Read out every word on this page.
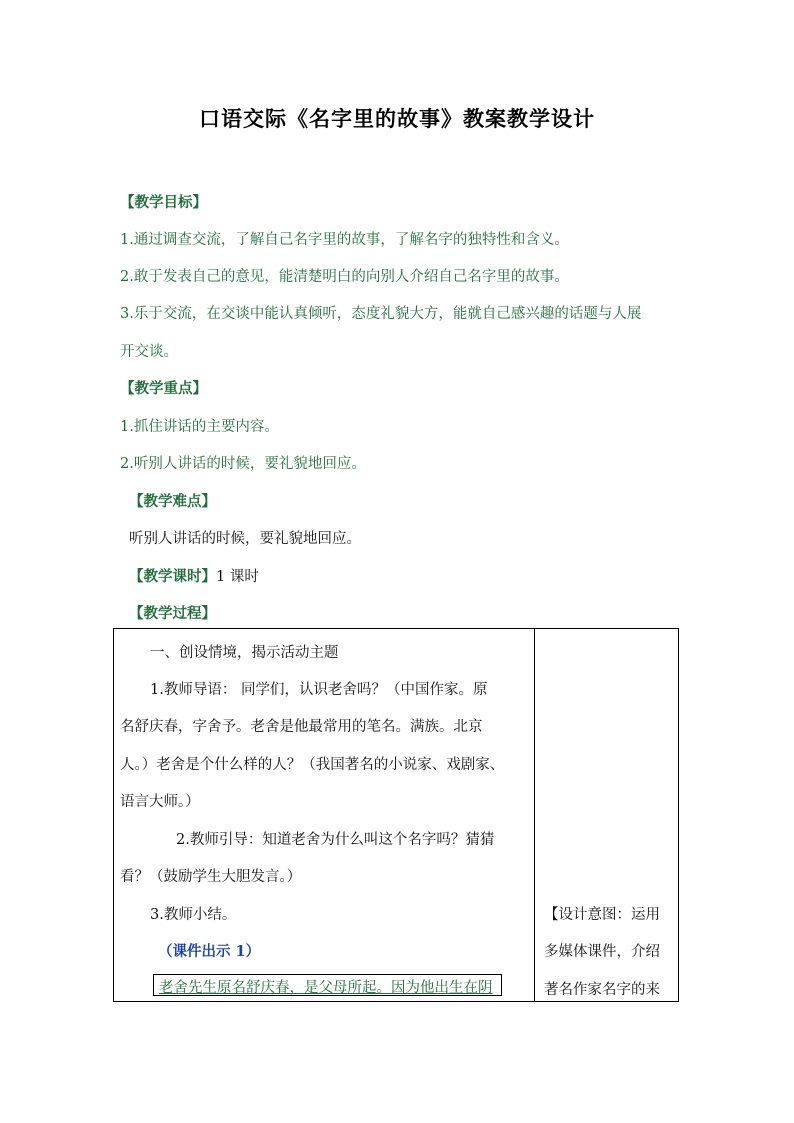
口语交际《名字里的故事》教案教学设计
【教学目标】
1.通过调查交流，了解自己名字里的故事，了解名字的独特性和含义。
2.敢于发表自己的意见，能清楚明白的向别人介绍自己名字里的故事。
3.乐于交流，在交谈中能认真倾听，态度礼貌大方，能就自己感兴趣的话题与人展
开交谈。
【教学重点】
1.抓住讲话的主要内容。
2.听别人讲话的时候，要礼貌地回应。
【教学难点】
听别人讲话的时候，要礼貌地回应。
【教学课时】1 课时
【教学过程】
一、创设情境，揭示活动主题
1.教师导语： 同学们，认识老舍吗？（中国作家。原
名舒庆春，字舍予。老舍是他最常用的笔名。满族。北京
人。）老舍是个什么样的人？（我国著名的小说家、戏剧家、
语言大师。）
2.教师引导：知道老舍为什么叫这个名字吗？猜猜
看？（鼓励学生大胆发言。）
3.教师小结。
（课件出示 1）
老舍先生原名舒庆春，是父母所起。因为他出生在阴
【设计意图：运用
多媒体课件，介绍
著名作家名字的来
